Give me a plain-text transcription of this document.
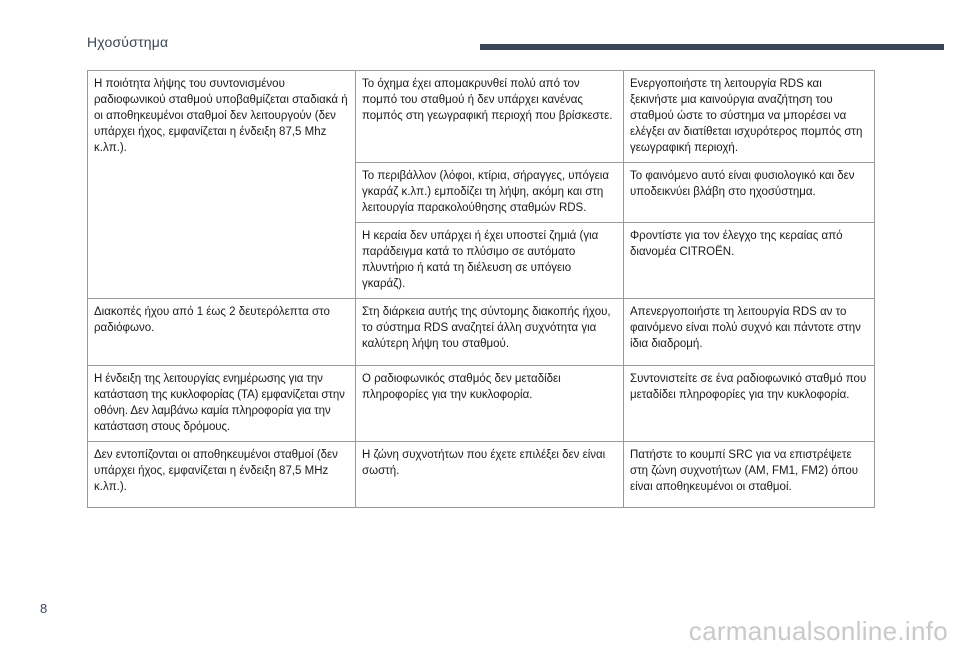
Ηχοσύστημα
Η ποιότητα λήψης του συντονισμένου ραδιοφωνικού σταθμού υποβαθμίζεται σταδιακά ή οι αποθηκευμένοι σταθμοί δεν λειτουργούν (δεν υπάρχει ήχος, εμφανίζεται η ένδειξη 87,5 Mhz κ.λπ.).	Το όχημα έχει απομακρυνθεί πολύ από τον πομπό του σταθμού ή δεν υπάρχει κανένας πομπός στη γεωγραφική περιοχή που βρίσκεστε.	Ενεργοποιήστε τη λειτουργία RDS και ξεκινήστε μια καινούργια αναζήτηση του σταθμού ώστε το σύστημα να μπορέσει να ελέγξει αν διατίθεται ισχυρότερος πομπός στη γεωγραφική περιοχή.
	Το περιβάλλον (λόφοι, κτίρια, σήραγγες, υπόγεια γκαράζ κ.λπ.) εμποδίζει τη λήψη, ακόμη και στη λειτουργία παρακολούθησης σταθμών RDS.	Το φαινόμενο αυτό είναι φυσιολογικό και δεν υποδεικνύει βλάβη στο ηχοσύστημα.
	Η κεραία δεν υπάρχει ή έχει υποστεί ζημιά (για παράδειγμα κατά το πλύσιμο σε αυτόματο πλυντήριο ή κατά τη διέλευση σε υπόγειο γκαράζ).	Φροντίστε για τον έλεγχο της κεραίας από διανομέα CITROËN.
Διακοπές ήχου από 1 έως 2 δευτερόλεπτα στο ραδιόφωνο.	Στη διάρκεια αυτής της σύντομης διακοπής ήχου, το σύστημα RDS αναζητεί άλλη συχνότητα για καλύτερη λήψη του σταθμού.	Απενεργοποιήστε τη λειτουργία RDS αν το φαινόμενο είναι πολύ συχνό και πάντοτε στην ίδια διαδρομή.
Η ένδειξη της λειτουργίας ενημέρωσης για την κατάσταση της κυκλοφορίας (TA) εμφανίζεται στην οθόνη. Δεν λαμβάνω καμία πληροφορία για την κατάσταση στους δρόμους.	Ο ραδιοφωνικός σταθμός δεν μεταδίδει πληροφορίες για την κυκλοφορία.	Συντονιστείτε σε ένα ραδιοφωνικό σταθμό που μεταδίδει πληροφορίες για την κυκλοφορία.
Δεν εντοπίζονται οι αποθηκευμένοι σταθμοί (δεν υπάρχει ήχος, εμφανίζεται η ένδειξη 87,5 MHz κ.λπ.).	Η ζώνη συχνοτήτων που έχετε επιλέξει δεν είναι σωστή.	Πατήστε το κουμπί SRC για να επιστρέψετε στη ζώνη συχνοτήτων (AM, FM1, FM2) όπου είναι αποθηκευμένοι οι σταθμοί.
8
carmanualsonline.info
